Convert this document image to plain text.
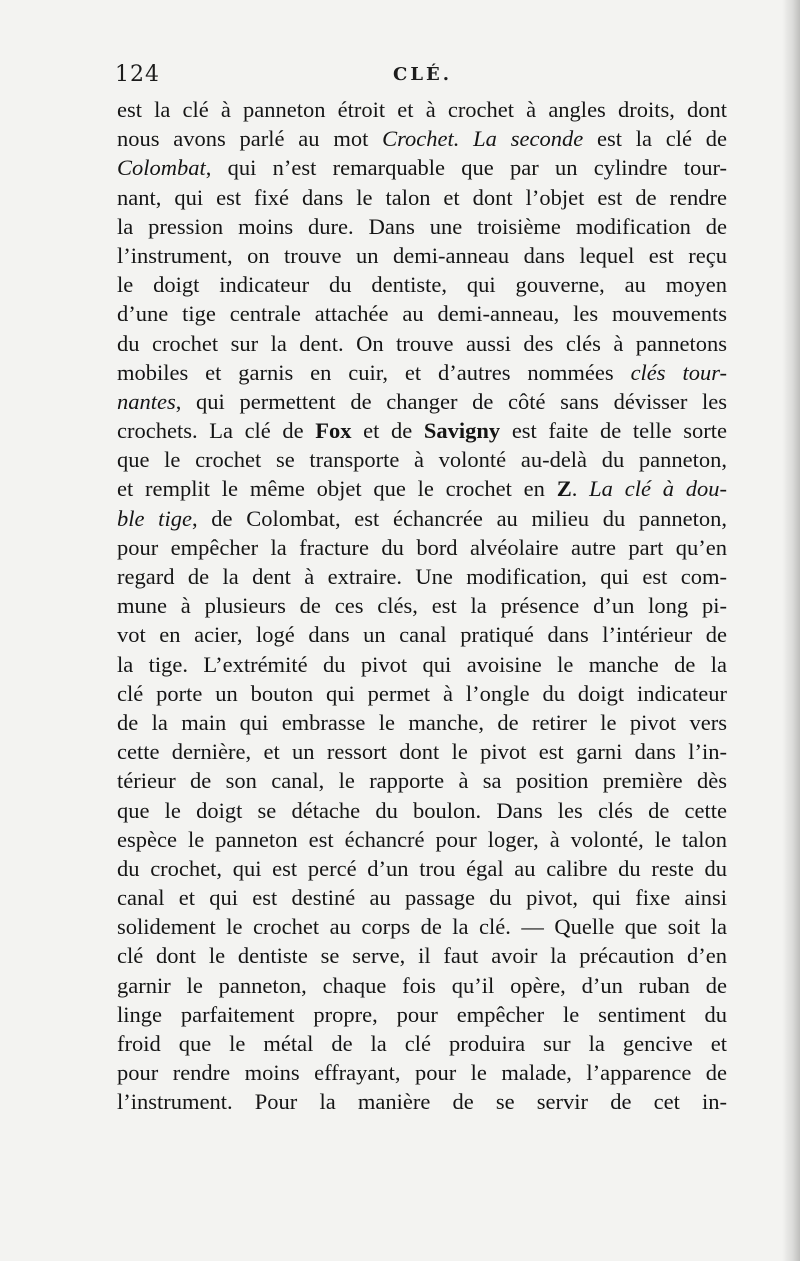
124	CLÉ.
est la clé à panneton étroit et à crochet à angles droits, dont
nous avons parlé au mot Crochet. La seconde est la clé de
Colombat, qui n’est remarquable que par un cylindre tour-
nant, qui est fixé dans le talon et dont l’objet est de rendre
la pression moins dure. Dans une troisième modification de
l’instrument, on trouve un demi-anneau dans lequel est reçu
le doigt indicateur du dentiste, qui gouverne, au moyen
d’une tige centrale attachée au demi-anneau, les mouvements
du crochet sur la dent. On trouve aussi des clés à pannetons
mobiles et garnis en cuir, et d’autres nommées clés tour-
nantes, qui permettent de changer de côté sans dévisser les
crochets. La clé de Fox et de Savigny est faite de telle sorte
que le crochet se transporte à volonté au-delà du panneton,
et remplit le même objet que le crochet en Z. La clé à dou-
ble tige, de Colombat, est échancrée au milieu du panneton,
pour empêcher la fracture du bord alvéolaire autre part qu’en
regard de la dent à extraire. Une modification, qui est com-
mune à plusieurs de ces clés, est la présence d’un long pi-
vot en acier, logé dans un canal pratiqué dans l’intérieur de
la tige. L’extrémité du pivot qui avoisine le manche de la
clé porte un bouton qui permet à l’ongle du doigt indicateur
de la main qui embrasse le manche, de retirer le pivot vers
cette dernière, et un ressort dont le pivot est garni dans l’in-
térieur de son canal, le rapporte à sa position première dès
que le doigt se détache du boulon. Dans les clés de cette
espèce le panneton est échancré pour loger, à volonté, le talon
du crochet, qui est percé d’un trou égal au calibre du reste du
canal et qui est destiné au passage du pivot, qui fixe ainsi
solidement le crochet au corps de la clé. — Quelle que soit la
clé dont le dentiste se serve, il faut avoir la précaution d’en
garnir le panneton, chaque fois qu’il opère, d’un ruban de
linge parfaitement propre, pour empêcher le sentiment du
froid que le métal de la clé produira sur la gencive et
pour rendre moins effrayant, pour le malade, l’apparence de
l’instrument. Pour la manière de se servir de cet in-
